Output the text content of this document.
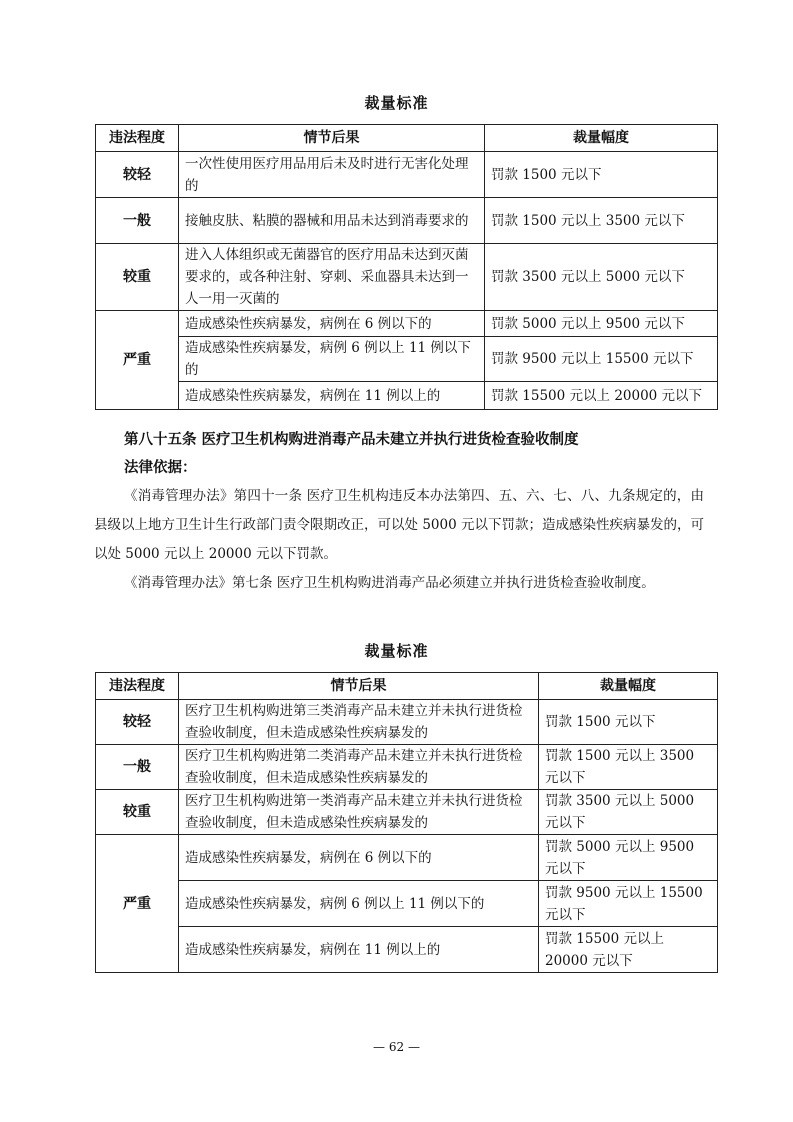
裁量标准
违法程度	情节后果	裁量幅度
较轻	一次性使用医疗用品用后未及时进行无害化处理的	罚款 1500 元以下
一般	接触皮肤、粘膜的器械和用品未达到消毒要求的	罚款 1500 元以上 3500 元以下
较重	进入人体组织或无菌器官的医疗用品未达到灭菌要求的，或各种注射、穿刺、采血器具未达到一人一用一灭菌的	罚款 3500 元以上 5000 元以下
严重	造成感染性疾病暴发，病例在 6 例以下的	罚款 5000 元以上 9500 元以下
	造成感染性疾病暴发，病例 6 例以上 11 例以下的	罚款 9500 元以上 15500 元以下
	造成感染性疾病暴发，病例在 11 例以上的	罚款 15500 元以上 20000 元以下
第八十五条 医疗卫生机构购进消毒产品未建立并执行进货检查验收制度
法律依据：
《消毒管理办法》第四十一条 医疗卫生机构违反本办法第四、五、六、七、八、九条规定的，由县级以上地方卫生计生行政部门责令限期改正，可以处 5000 元以下罚款；造成感染性疾病暴发的，可以处 5000 元以上 20000 元以下罚款。
《消毒管理办法》第七条 医疗卫生机构购进消毒产品必须建立并执行进货检查验收制度。
裁量标准
违法程度	情节后果	裁量幅度
较轻	医疗卫生机构购进第三类消毒产品未建立并未执行进货检查验收制度，但未造成感染性疾病暴发的	罚款 1500 元以下
一般	医疗卫生机构购进第二类消毒产品未建立并未执行进货检查验收制度，但未造成感染性疾病暴发的	罚款 1500 元以上 3500 元以下
较重	医疗卫生机构购进第一类消毒产品未建立并未执行进货检查验收制度，但未造成感染性疾病暴发的	罚款 3500 元以上 5000 元以下
严重	造成感染性疾病暴发，病例在 6 例以下的	罚款 5000 元以上 9500 元以下
	造成感染性疾病暴发，病例 6 例以上 11 例以下的	罚款 9500 元以上 15500 元以下
	造成感染性疾病暴发，病例在 11 例以上的	罚款 15500 元以上 20000 元以下
— 62 —
